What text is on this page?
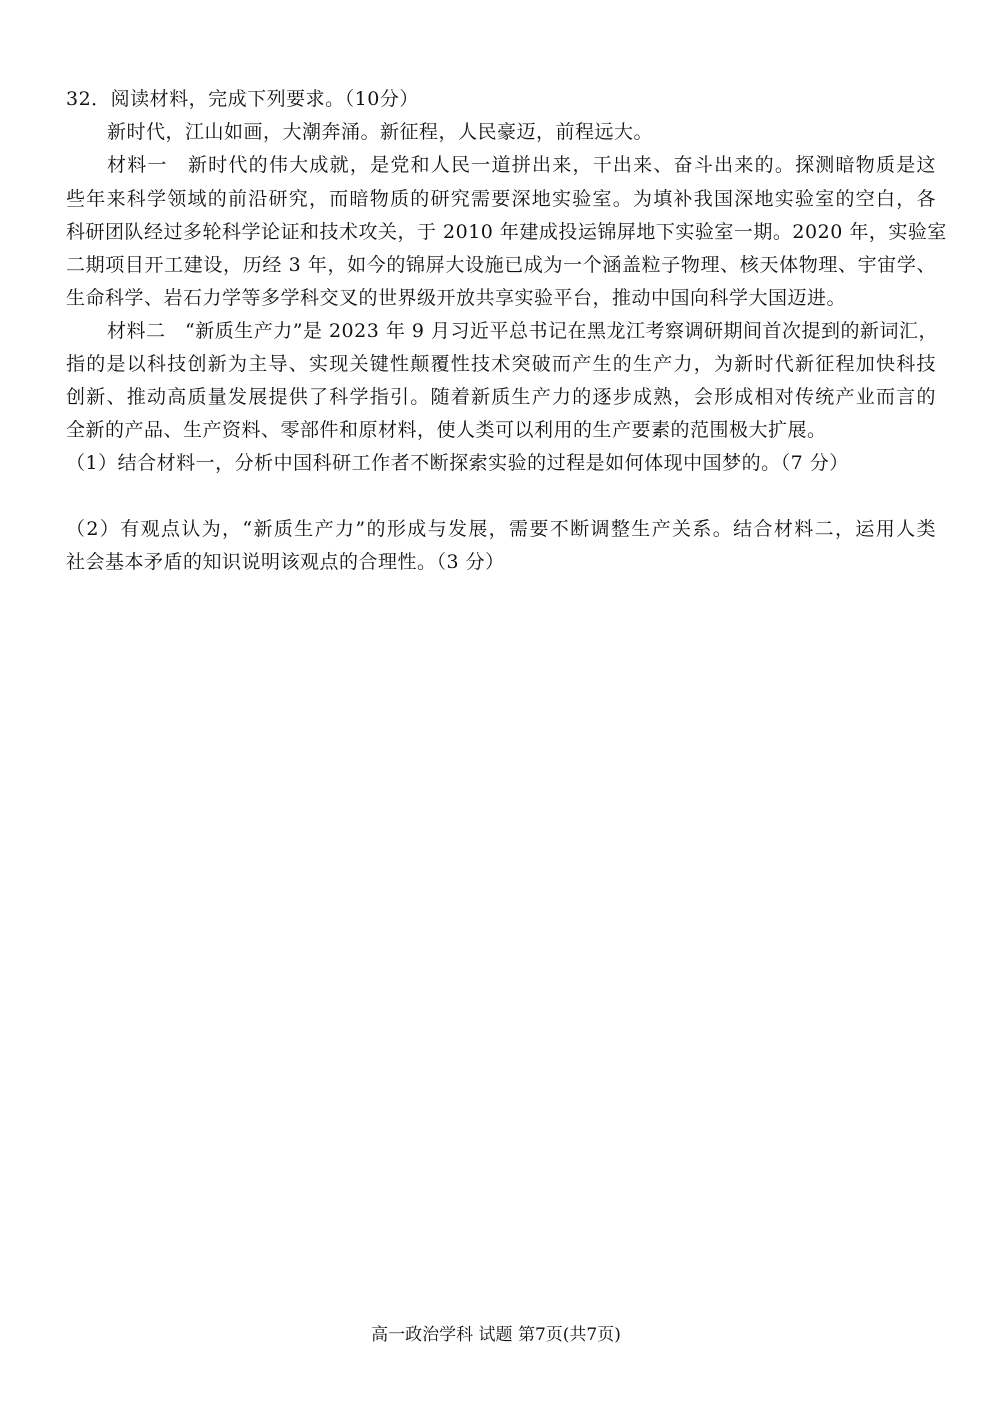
32．阅读材料，完成下列要求。（10分）
新时代，江山如画，大潮奔涌。新征程，人民豪迈，前程远大。
材料一　新时代的伟大成就，是党和人民一道拼出来，干出来、奋斗出来的。探测暗物质是这
些年来科学领域的前沿研究，而暗物质的研究需要深地实验室。为填补我国深地实验室的空白，各
科研团队经过多轮科学论证和技术攻关，于 2010 年建成投运锦屏地下实验室一期。2020 年，实验室
二期项目开工建设，历经 3 年，如今的锦屏大设施已成为一个涵盖粒子物理、核天体物理、宇宙学、
生命科学、岩石力学等多学科交叉的世界级开放共享实验平台，推动中国向科学大国迈进。
材料二　“新质生产力”是 2023 年 9 月习近平总书记在黑龙江考察调研期间首次提到的新词汇，
指的是以科技创新为主导、实现关键性颠覆性技术突破而产生的生产力，为新时代新征程加快科技
创新、推动高质量发展提供了科学指引。随着新质生产力的逐步成熟，会形成相对传统产业而言的
全新的产品、生产资料、零部件和原材料，使人类可以利用的生产要素的范围极大扩展。
（1）结合材料一，分析中国科研工作者不断探索实验的过程是如何体现中国梦的。（7 分）
（2）有观点认为，“新质生产力”的形成与发展，需要不断调整生产关系。结合材料二，运用人类
社会基本矛盾的知识说明该观点的合理性。（3 分）
高一政治学科 试题 第7页(共7页)
